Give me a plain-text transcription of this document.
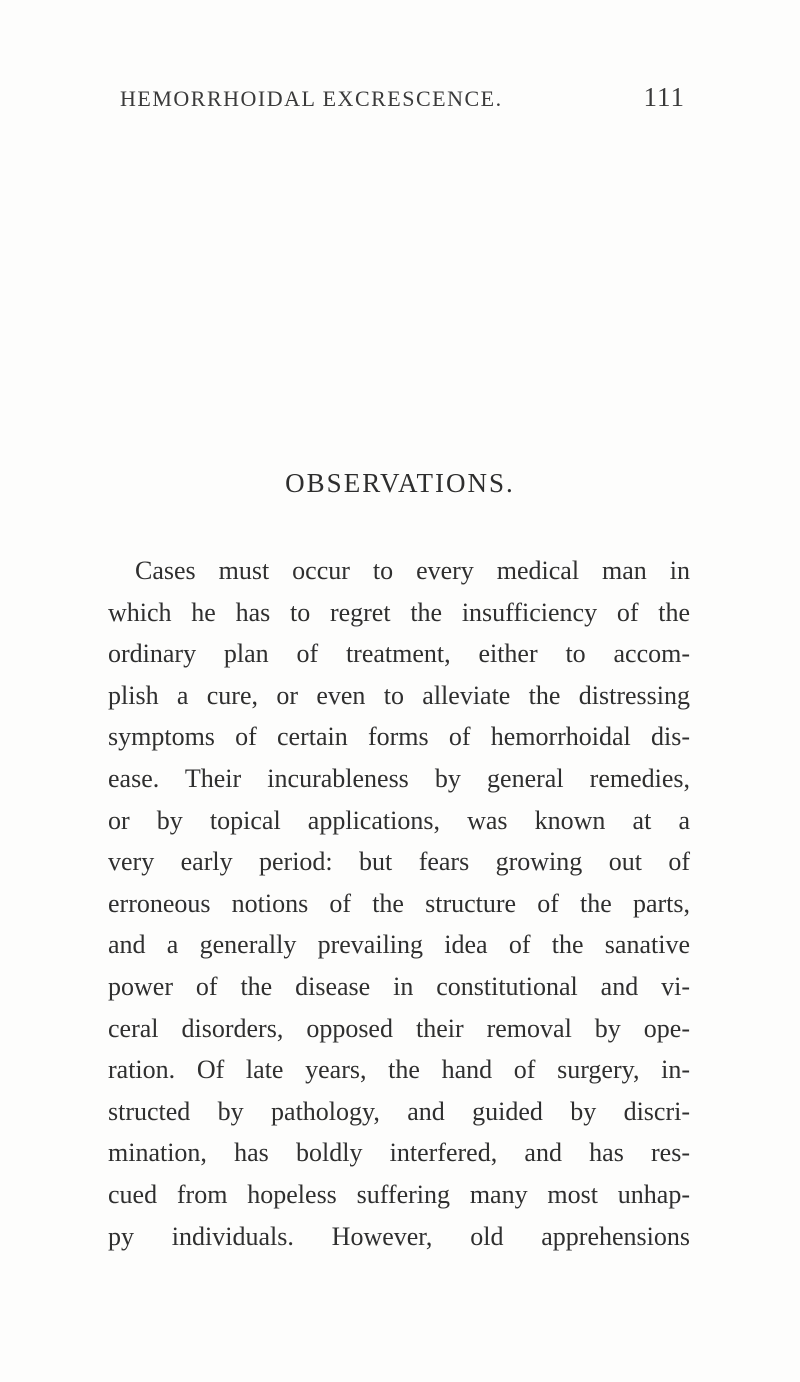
HEMORRHOIDAL EXCRESCENCE.	111
OBSERVATIONS.
Cases must occur to every medical man in
which he has to regret the insufficiency of the
ordinary plan of treatment, either to accom-
plish a cure, or even to alleviate the distressing
symptoms of certain forms of hemorrhoidal dis-
ease. Their incurableness by general remedies,
or by topical applications, was known at a
very early period: but fears growing out of
erroneous notions of the structure of the parts,
and a generally prevailing idea of the sanative
power of the disease in constitutional and vi-
ceral disorders, opposed their removal by ope-
ration. Of late years, the hand of surgery, in-
structed by pathology, and guided by discri-
mination, has boldly interfered, and has res-
cued from hopeless suffering many most unhap-
py individuals. However, old apprehensions
